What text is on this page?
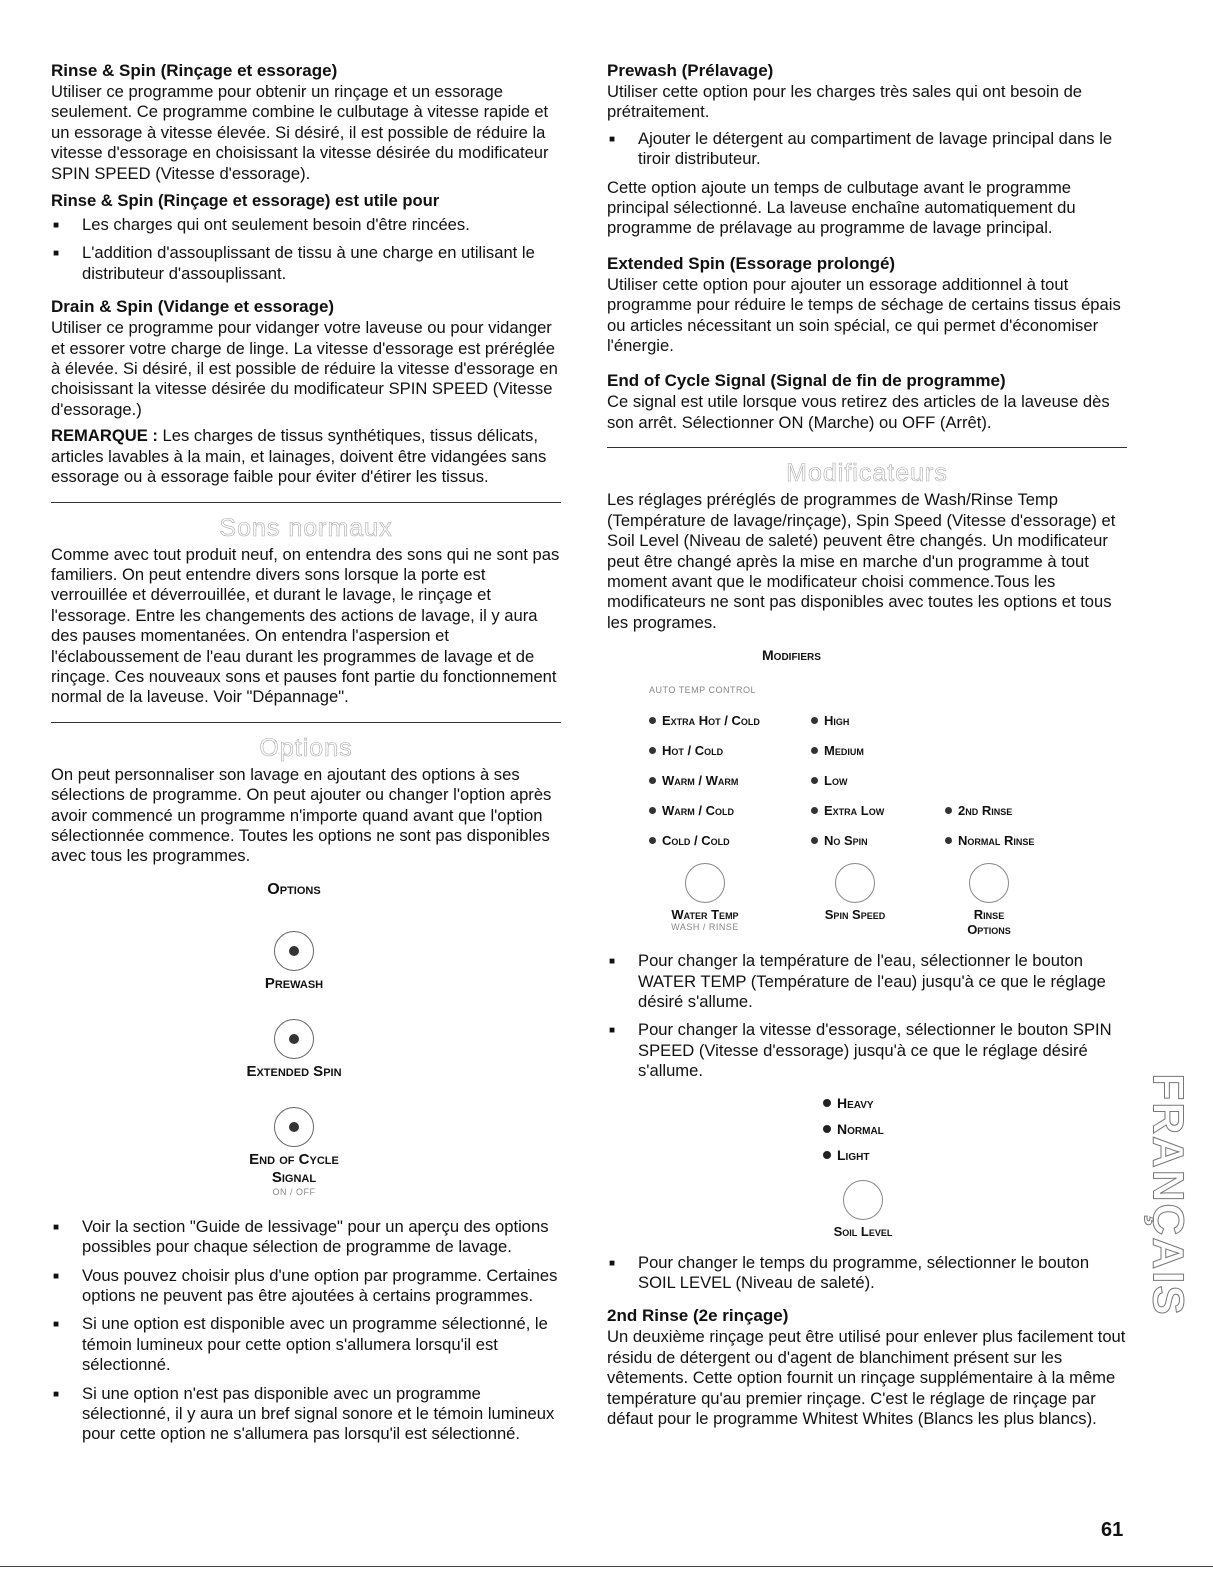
Rinse & Spin (Rinçage et essorage)

Utiliser ce programme pour obtenir un rinçage et un essorage seulement. Ce programme combine le culbutage à vitesse rapide et un essorage à vitesse élevée. Si désiré, il est possible de réduire la vitesse d'essorage en choisissant la vitesse désirée du modificateur SPIN SPEED (Vitesse d'essorage).

Rinse & Spin (Rinçage et essorage) est utile pour
■ Les charges qui ont seulement besoin d'être rincées.
■ L'addition d'assouplissant de tissu à une charge en utilisant le distributeur d'assouplissant.
Drain & Spin (Vidange et essorage)

Utiliser ce programme pour vidanger votre laveuse ou pour vidanger et essorer votre charge de linge. La vitesse d'essorage est préréglée à élevée. Si désiré, il est possible de réduire la vitesse d'essorage en choisissant la vitesse désirée du modificateur SPIN SPEED (Vitesse d'essorage.)

REMARQUE : Les charges de tissus synthétiques, tissus délicats, articles lavables à la main, et lainages, doivent être vidangées sans essorage ou à essorage faible pour éviter d'étirer les tissus.

Sons normaux

Comme avec tout produit neuf, on entendra des sons qui ne sont pas familiers. On peut entendre divers sons lorsque la porte est verrouillée et déverrouillée, et durant le lavage, le rinçage et l'essorage. Entre les changements des actions de lavage, il y aura des pauses momentanées. On entendra l'aspersion et l'éclaboussement de l'eau durant les programmes de lavage et de rinçage. Ces nouveaux sons et pauses font partie du fonctionnement normal de la laveuse. Voir "Dépannage".

Options

On peut personnaliser son lavage en ajoutant des options à ses sélections de programme. On peut ajouter ou changer l'option après avoir commencé un programme n'importe quand avant que l'option sélectionnée commence. Toutes les options ne sont pas disponibles avec tous les programmes.

Options
Prewash
Extended Spin
End of Cycle
Signal
ON / OFF
■ Voir la section "Guide de lessivage" pour un aperçu des options possibles pour chaque sélection de programme de lavage.
■ Vous pouvez choisir plus d'une option par programme. Certaines options ne peuvent pas être ajoutées à certains programmes.
■ Si une option est disponible avec un programme sélectionné, le témoin lumineux pour cette option s'allumera lorsqu'il est sélectionné.
■ Si une option n'est pas disponible avec un programme sélectionné, il y aura un bref signal sonore et le témoin lumineux pour cette option ne s'allumera pas lorsqu'il est sélectionné.
Prewash (Prélavage)

Utiliser cette option pour les charges très sales qui ont besoin de prétraitement.

■ Ajouter le détergent au compartiment de lavage principal dans le tiroir distributeur.

Cette option ajoute un temps de culbutage avant le programme principal sélectionné. La laveuse enchaîne automatiquement du programme de prélavage au programme de lavage principal.

Extended Spin (Essorage prolongé)

Utiliser cette option pour ajouter un essorage additionnel à tout programme pour réduire le temps de séchage de certains tissus épais ou articles nécessitant un soin spécial, ce qui permet d'économiser l'énergie.

End of Cycle Signal (Signal de fin de programme)

Ce signal est utile lorsque vous retirez des articles de la laveuse dès son arrêt. Sélectionner ON (Marche) ou OFF (Arrêt).

Modificateurs

Les réglages préréglés de programmes de Wash/Rinse Temp (Température de lavage/rinçage), Spin Speed (Vitesse d'essorage) et Soil Level (Niveau de saleté) peuvent être changés. Un modificateur peut être changé après la mise en marche d'un programme à tout moment avant que le modificateur choisi commence.Tous les modificateurs ne sont pas disponibles avec toutes les options et tous les programes.

Modifiers
AUTO TEMP CONTROL
Extra Hot / Cold	High
Hot / Cold	Medium
Warm / Warm	Low
Warm / Cold	Extra Low	2nd Rinse
Cold / Cold	No Spin	Normal Rinse
Water Temp
WASH / RINSE
Spin Speed	Rinse
Options
■ Pour changer la température de l'eau, sélectionner le bouton WATER TEMP (Température de l'eau) jusqu'à ce que le réglage désiré s'allume.
■ Pour changer la vitesse d'essorage, sélectionner le bouton SPIN SPEED (Vitesse d'essorage) jusqu'à ce que le réglage désiré s'allume.
Heavy
Normal
Light
Soil Level
■ Pour changer le temps du programme, sélectionner le bouton SOIL LEVEL (Niveau de saleté).
2nd Rinse (2e rinçage)

Un deuxième rinçage peut être utilisé pour enlever plus facilement tout résidu de détergent ou d'agent de blanchiment présent sur les vêtements. Cette option fournit un rinçage supplémentaire à la même température qu'au premier rinçage. C'est le réglage de rinçage par défaut pour le programme Whitest Whites (Blancs les plus blancs).

FRANÇAIS
61
